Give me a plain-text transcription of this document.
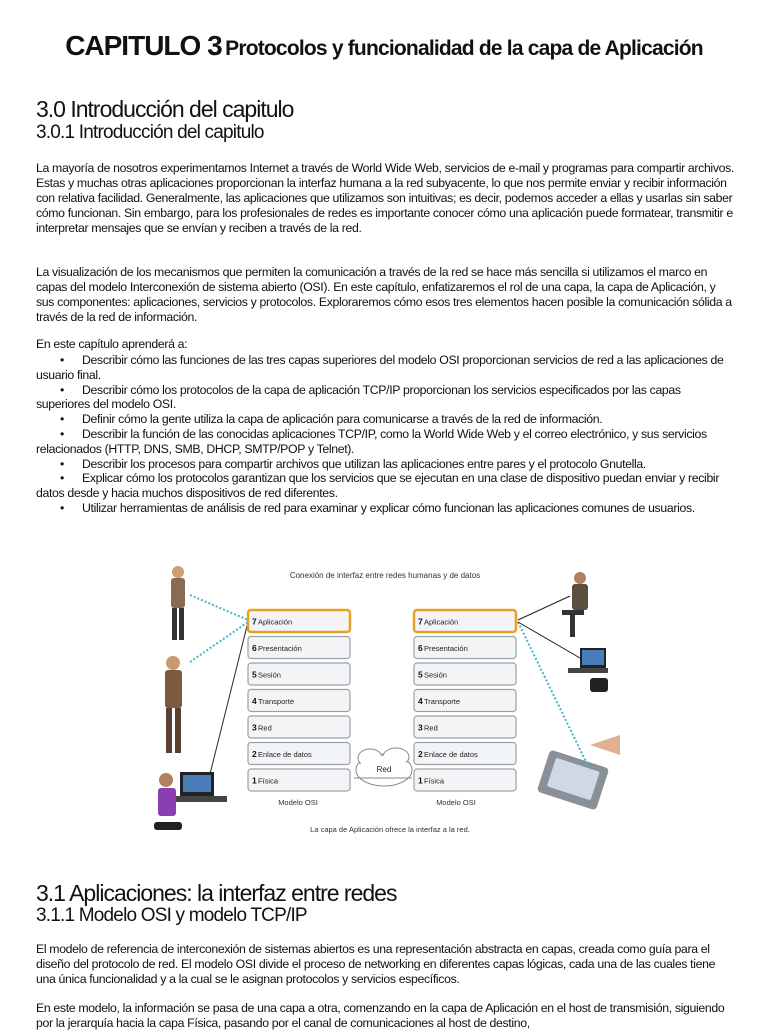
CAPITULO 3 Protocolos y funcionalidad de la capa de Aplicación
3.0 Introducción del capitulo
3.0.1 Introducción del capitulo

La mayoría de nosotros experimentamos Internet a través de World Wide Web, servicios de e-mail y programas para compartir archivos. Estas y muchas otras aplicaciones proporcionan la interfaz humana a la red subyacente, lo que nos permite enviar y recibir información con relativa facilidad. Generalmente, las aplicaciones que utilizamos son intuitivas; es decir, podemos acceder a ellas y usarlas sin saber cómo funcionan. Sin embargo, para los profesionales de redes es importante conocer cómo una aplicación puede formatear, transmitir e interpretar mensajes que se envían y reciben a través de la red.

La visualización de los mecanismos que permiten la comunicación a través de la red se hace más sencilla si utilizamos el marco en capas del modelo Interconexión de sistema abierto (OSI). En este capítulo, enfatizaremos el rol de una capa, la capa de Aplicación, y sus componentes: aplicaciones, servicios y protocolos. Exploraremos cómo esos tres elementos hacen posible la comunicación sólida a través de la red de información.

En este capítulo aprenderá a:

• Describir cómo las funciones de las tres capas superiores del modelo OSI proporcionan servicios de red a las aplicaciones de usuario final.
• Describir cómo los protocolos de la capa de aplicación TCP/IP proporcionan los servicios especificados por las capas superiores del modelo OSI.
• Definir cómo la gente utiliza la capa de aplicación para comunicarse a través de la red de información.
• Describir la función de las conocidas aplicaciones TCP/IP, como la World Wide Web y el correo electrónico, y sus servicios relacionados (HTTP, DNS, SMB, DHCP, SMTP/POP y Telnet).
• Describir los procesos para compartir archivos que utilizan las aplicaciones entre pares y el protocolo Gnutella.
• Explicar cómo los protocolos garantizan que los servicios que se ejecutan en una clase de dispositivo puedan enviar y recibir datos desde y hacia muchos dispositivos de red diferentes.
• Utilizar herramientas de análisis de red para examinar y explicar cómo funcionan las aplicaciones comunes de usuarios.
Conexión de interfaz entre redes humanas y de datos
7 Aplicación
6 Presentación
5 Sesión
4 Transporte
3 Red
2 Enlace de datos
1 Física
7 Aplicación
6 Presentación
5 Sesión
4 Transporte
3 Red
2 Enlace de datos
1 Física
Red
Modelo OSI	Modelo OSI
La capa de Aplicación ofrece la interfaz a la red.
3.1 Aplicaciones: la interfaz entre redes
3.1.1 Modelo OSI y modelo TCP/IP

El modelo de referencia de interconexión de sistemas abiertos es una representación abstracta en capas, creada como guía para el diseño del protocolo de red. El modelo OSI divide el proceso de networking en diferentes capas lógicas, cada una de las cuales tiene una única funcionalidad y a la cual se le asignan protocolos y servicios específicos.

En este modelo, la información se pasa de una capa a otra, comenzando en la capa de Aplicación en el host de transmisión, siguiendo por la jerarquía hacia la capa Física, pasando por el canal de comunicaciones al host de destino,
